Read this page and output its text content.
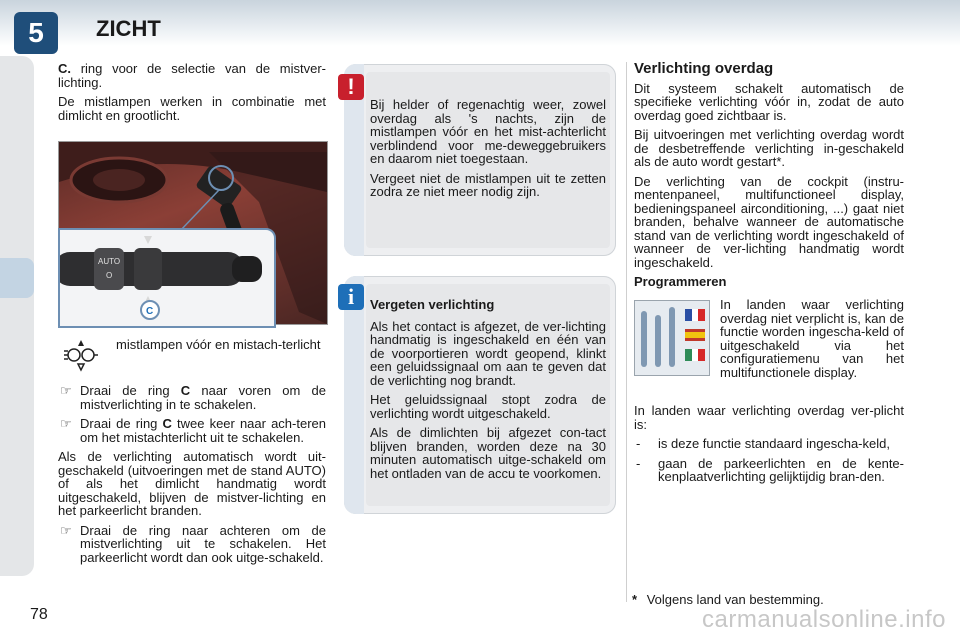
5	ZICHT

C. ring voor de selectie van de mistver-lichting.

De mistlampen werken in combinatie met dimlicht en grootlicht.

AUTO
O
C
mistlampen vóór en mistach-terlicht
☞ Draai de ring C naar voren om de mistverlichting in te schakelen.
☞ Draai de ring C twee keer naar ach-teren om het mistachterlicht uit te schakelen.

Als de verlichting automatisch wordt uit-geschakeld (uitvoeringen met de stand AUTO) of als het dimlicht handmatig wordt uitgeschakeld, blijven de mistver-lichting en het parkeerlicht branden.

☞ Draai de ring naar achteren om de mistverlichting uit te schakelen. Het parkeerlicht wordt dan ook uitge-schakeld.

Bij helder of regenachtig weer, zowel overdag als 's nachts, zijn de mistlampen vóór en het mist-achterlicht verblindend voor me-deweggebruikers en daarom niet toegestaan.

Vergeet niet de mistlampen uit te zetten zodra ze niet meer nodig zijn.

!

Vergeten verlichting

Als het contact is afgezet, de ver-lichting handmatig is ingeschakeld en één van de voorportieren wordt geopend, klinkt een geluidssignaal om aan te geven dat de verlichting nog brandt.

Het geluidssignaal stopt zodra de verlichting wordt uitgeschakeld.

Als de dimlichten bij afgezet con-tact blijven branden, worden deze na 30 minuten automatisch uitge-schakeld om het ontladen van de accu te voorkomen.

i

Verlichting overdag

Dit systeem schakelt automatisch de specifieke verlichting vóór in, zodat de auto overdag goed zichtbaar is.

Bij uitvoeringen met verlichting overdag wordt de desbetreffende verlichting in-geschakeld als de auto wordt gestart*.

De verlichting van de cockpit (instru-mentenpaneel, multifunctioneel display, bedieningspaneel airconditioning, ...) gaat niet branden, behalve wanneer de automatische stand van de verlichting wordt ingeschakeld of wanneer de ver-lichting handmatig wordt ingeschakeld.

Programmeren

In landen waar verlichting overdag niet verplicht is, kan de functie worden ingescha-keld of uitgeschakeld via het configuratiemenu van het multifunctionele display.

In landen waar verlichting overdag ver-plicht is:

- is deze functie standaard ingescha-keld,
- gaan de parkeerlichten en de kente-kenplaatverlichting gelijktijdig bran-den.
* Volgens land van bestemming.
78	carmanualsonline.info
